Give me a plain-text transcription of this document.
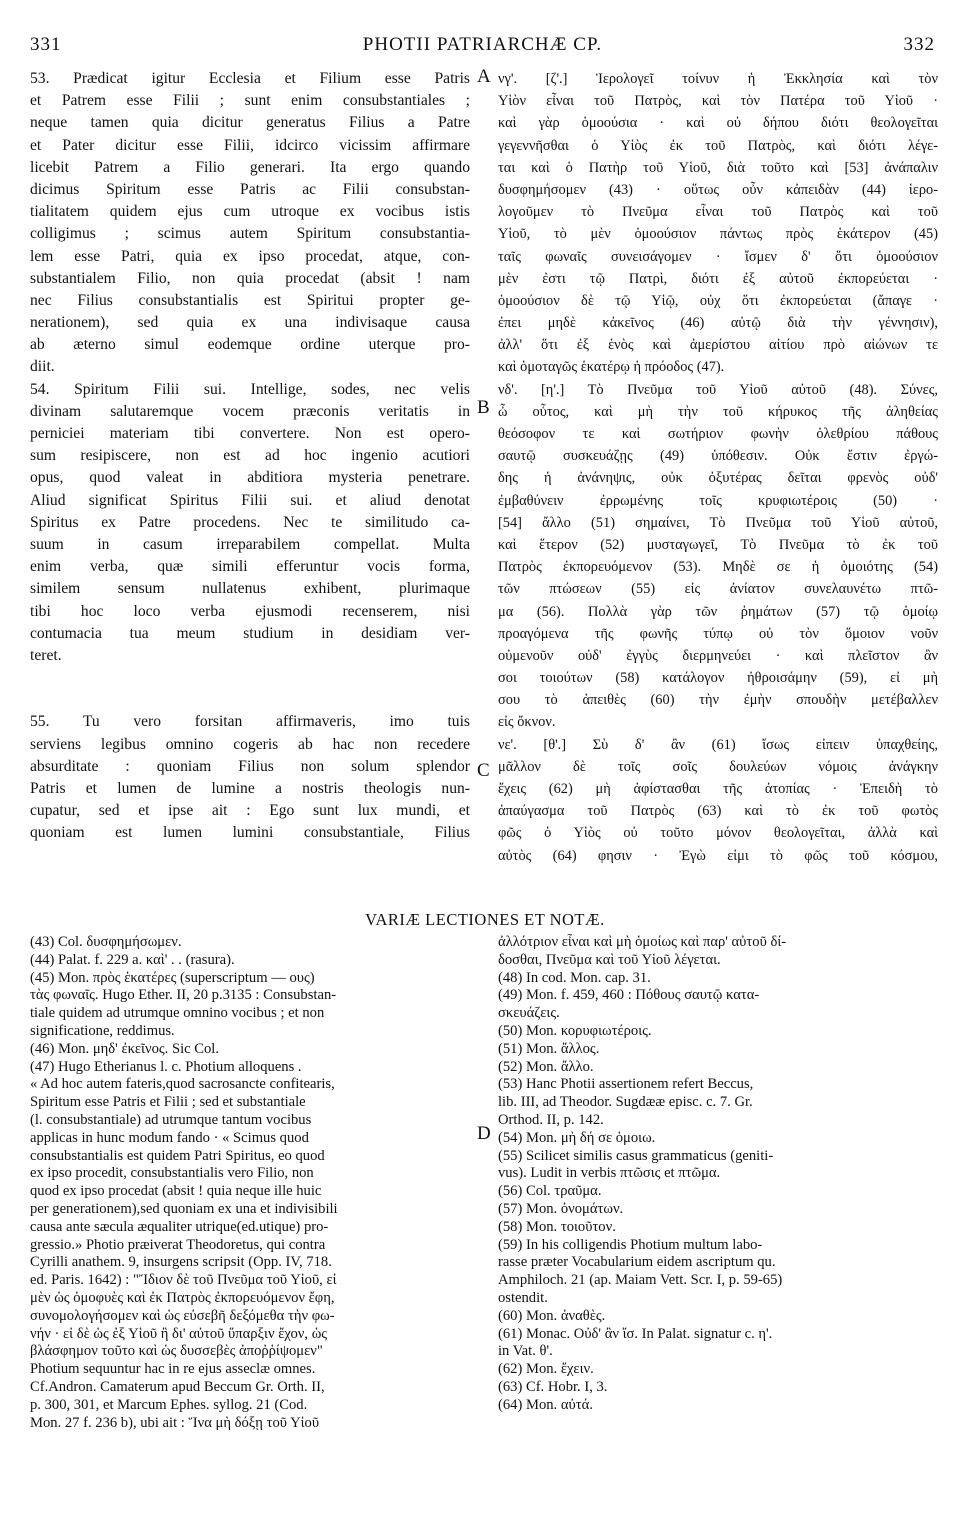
331	PHOTII PATRIARCHÆ CP.	332
A
B
C
D
53. Prædicat igitur Ecclesia et Filium esse Patris
et Patrem esse Filii ; sunt enim consubstantiales ;
neque tamen quia dicitur generatus Filius a Patre
et Pater dicitur esse Filii, idcirco vicissim affirmare
licebit Patrem a Filio generari. Ita ergo quando
dicimus Spiritum esse Patris ac Filii consubstan-
tialitatem quidem ejus cum utroque ex vocibus istis
colligimus ; scimus autem Spiritum consubstantia-
lem esse Patri, quia ex ipso procedat, atque, con-
substantialem Filio, non quia procedat (absit ! nam
nec Filius consubstantialis est Spiritui propter ge-
nerationem), sed quia ex una indivisaque causa
ab æterno simul eodemque ordine uterque pro-
diit.
54. Spiritum Filii sui. Intellige, sodes, nec velis
divinam salutaremque vocem præconis veritatis in
perniciei materiam tibi convertere. Non est opero-
sum resipiscere, non est ad hoc ingenio acutiori
opus, quod valeat in abditiora mysteria penetrare.
Aliud significat Spiritus Filii sui. et aliud denotat
Spiritus ex Patre procedens. Nec te similitudo ca-
suum in casum irreparabilem compellat. Multa
enim verba, quæ simili efferuntur vocis forma,
similem sensum nullatenus exhibent, plurimaque
tibi hoc loco verba ejusmodi recenserem, nisi
contumacia tua meum studium in desidiam ver-
teret.
55. Tu vero forsitan affirmaveris, imo tuis
serviens legibus omnino cogeris ab hac non recedere
absurditate : quoniam Filius non solum splendor
Patris et lumen de lumine a nostris theologis nun-
cupatur, sed et ipse ait : Ego sunt lux mundi, et
quoniam est lumen lumini consubstantiale, Filius
νγ'. [ζ'.] Ἱερολογεῖ τοίνυν ἡ Ἐκκλησία καὶ τὸν
Υἱὸν εἶναι τοῦ Πατρὸς, καὶ τὸν Πατέρα τοῦ Υἱοῦ ·
καὶ γὰρ ὁμοούσια · καὶ οὐ δήπου διότι θεολογεῖται
γεγεννῆσθαι ὁ Υἱὸς ἐκ τοῦ Πατρὸς, καὶ διότι λέγε-
ται καὶ ὁ Πατὴρ τοῦ Υἱοῦ, διὰ τοῦτο καὶ [53] ἀνάπαλιν
δυσφημήσομεν (43) · οὕτως οὖν κἀπειδὰν (44) ἱερο-
λογοῦμεν τὸ Πνεῦμα εἶναι τοῦ Πατρὸς καὶ τοῦ
Υἱοῦ, τὸ μὲν ὁμοούσιον πάντως πρὸς ἑκάτερον (45)
ταῖς φωναῖς συνεισάγομεν · ἴσμεν δ' ὅτι ὁμοούσιον
μὲν ἐστι τῷ Πατρὶ, διότι ἐξ αὐτοῦ ἐκπορεύεται ·
ὁμοούσιον δὲ τῷ Υἱῷ, οὐχ ὅτι ἐκπορεύεται (ἄπαγε ·
ἐπει μηδὲ κἀκεῖνος (46) αὐτῷ διὰ τὴν γέννησιν),
ἀλλ' ὅτι ἐξ ἑνὸς καὶ ἀμερίστου αἰτίου πρὸ αἰώνων τε
καὶ ὁμοταγῶς ἑκατέρῳ ἡ πρόοδος (47).
νδ'. [η'.] Τὸ Πνεῦμα τοῦ Υἱοῦ αὐτοῦ (48). Σύνες,
ὦ οὗτος, καὶ μὴ τὴν τοῦ κήρυκος τῆς ἀληθείας
θεόσοφον τε καὶ σωτήριον φωνὴν ὀλεθρίου πάθους
σαυτῷ συσκευάζῃς (49) ὑπόθεσιν. Οὐκ ἔστιν ἐργώ-
δης ἡ ἀνάνηψις, οὐκ ὀξυτέρας δεῖται φρενὸς οὐδ'
ἐμβαθύνειν ἐρρωμένης τοῖς κρυφιωτέροις (50) ·
[54] ἄλλο (51) σημαίνει, Τὸ Πνεῦμα τοῦ Υἱοῦ αὐτοῦ,
καὶ ἕτερον (52) μυσταγωγεῖ, Τὸ Πνεῦμα τὸ ἐκ τοῦ
Πατρὸς ἐκπορευόμενον (53). Μηδὲ σε ἡ ὁμοιότης (54)
τῶν πτώσεων (55) εἰς ἀνίατον συνελαυνέτω πτῶ-
μα (56). Πολλὰ γὰρ τῶν ῥημάτων (57) τῷ ὁμοίῳ
προαγόμενα τῆς φωνῆς τύπῳ οὐ τὸν ὅμοιον νοῦν
οὐμενοῦν οὐδ' ἐγγὺς διερμηνεύει · καὶ πλεῖστον ἂν
σοι τοιούτων (58) κατάλογον ἠθροισάμην (59), εἰ μὴ
σου τὸ ἀπειθὲς (60) τὴν ἐμὴν σπουδὴν μετέβαλλεν
εἰς ὄκνον.
νε'. [θ'.] Σὺ δ' ἂν (61) ἴσως εἰπειν ὑπαχθείης,
μᾶλλον δὲ τοῖς σοῖς δουλεύων νόμοις ἀνάγκην
ἔχεις (62) μὴ ἀφίστασθαι τῆς ἀτοπίας · Ἐπειδὴ τὸ
ἀπαύγασμα τοῦ Πατρὸς (63) καὶ τὸ ἐκ τοῦ φωτὸς
φῶς ὁ Υἱὸς οὐ τοῦτο μόνον θεολογεῖται, ἀλλὰ καὶ
αὐτὸς (64) φησιν · Ἐγὼ εἰμι τὸ φῶς τοῦ κόσμου,
VARIÆ LECTIONES ET NOTÆ.
(43) Col. δυσφημήσωμεν.
(44) Palat. f. 229 a. καὶ' . . (rasura).
(45) Mon. πρὸς ἑκατέρες (superscriptum — ους)
τὰς φωναῖς. Hugo Ether. II, 20 p.3135 : Consubstan-
tiale quidem ad utrumque omnino vocibus ; et non
significatione, reddimus.
(46) Mon. μηδ' ἐκεῖνος. Sic Col.
(47) Hugo Etherianus l. c. Photium alloquens .
« Ad hoc autem fateris,quod sacrosancte confitearis,
Spiritum esse Patris et Filii ; sed et substantiale
(l. consubstantiale) ad utrumque tantum vocibus
applicas in hunc modum fando · « Scimus quod
consubstantialis est quidem Patri Spiritus, eo quod
ex ipso procedit, consubstantialis vero Filio, non
quod ex ipso procedat (absit ! quia neque ille huic
per generationem),sed quoniam ex una et indivisibili
causa ante sæcula æqualiter utrique(ed.utique) pro-
gressio.» Photio præiverat Theodoretus, qui contra
Cyrilli anathem. 9, insurgens scripsit (Opp. IV, 718.
ed. Paris. 1642) : "Ἴδιον δὲ τοῦ Πνεῦμα τοῦ Υἱοῦ, εἰ
μὲν ὡς ὁμοφυὲς καὶ ἐκ Πατρὸς ἐκπορευόμενον ἔφη,
συνομολογήσομεν καὶ ὡς εὐσεβῆ δεξόμεθα τὴν φω-
νήν · εἰ δὲ ὡς ἐξ Υἱοῦ ἢ δι' αὐτοῦ ὕπαρξιν ἔχον, ὡς
βλάσφημον τοῦτο καὶ ὡς δυσσεβὲς ἀποῤῥίψομεν"
Photium sequuntur hac in re ejus asseclæ omnes.
Cf.Andron. Camaterum apud Beccum Gr. Orth. II,
p. 300, 301, et Marcum Ephes. syllog. 21 (Cod.
Mon. 27 f. 236 b), ubi ait : Ἵνα μὴ δόξῃ τοῦ Υἱοῦ
ἀλλότριον εἶναι καὶ μὴ ὁμοίως καὶ παρ' αὐτοῦ δί-
δοσθαι, Πνεῦμα καὶ τοῦ Υἱοῦ λέγεται.
(48) In cod. Mon. cap. 31.
(49) Mon. f. 459, 460 : Πόθους σαυτῷ κατα-
σκευάζεις.
(50) Mon. κορυφιωτέροις.
(51) Mon. ἄλλος.
(52) Mon. ἄλλο.
(53) Hanc Photii assertionem refert Beccus,
lib. III, ad Theodor. Sugdææ episc. c. 7. Gr.
Orthod. II, p. 142.
(54) Mon. μὴ δή σε ὁμοιω.
(55) Scilicet similis casus grammaticus (geniti-
vus). Ludit in verbis πτῶσις et πτῶμα.
(56) Col. τραῦμα.
(57) Mon. ὀνομάτων.
(58) Mon. τοιοῦτον.
(59) In his colligendis Photium multum labo-
rasse præter Vocabularium eidem ascriptum qu.
Amphiloch. 21 (ap. Maiam Vett. Scr. I, p. 59-65)
ostendit.
(60) Mon. ἀναθὲς.
(61) Monac. Οὐδ' ἂν ἴσ. In Palat. signatur c. η'.
in Vat. θ'.
(62) Mon. ἔχειν.
(63) Cf. Hobr. I, 3.
(64) Mon. αὐτά.
